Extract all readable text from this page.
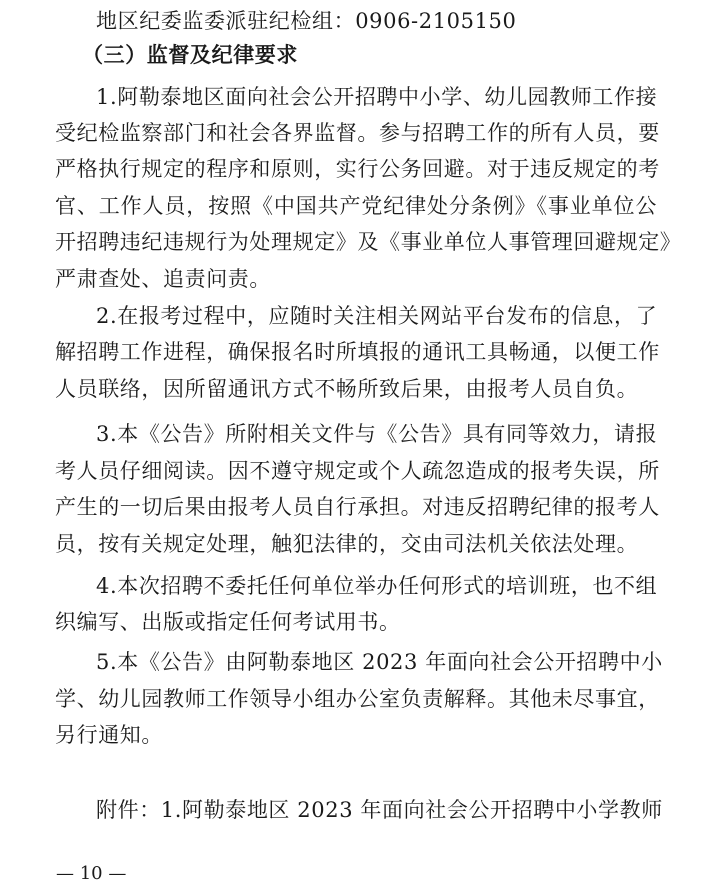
地区纪委监委派驻纪检组：0906-2105150
（三）监督及纪律要求
1.阿勒泰地区面向社会公开招聘中小学、幼儿园教师工作接
受纪检监察部门和社会各界监督。参与招聘工作的所有人员，要
严格执行规定的程序和原则，实行公务回避。对于违反规定的考
官、工作人员，按照《中国共产党纪律处分条例》《事业单位公
开招聘违纪违规行为处理规定》及《事业单位人事管理回避规定》
严肃查处、追责问责。
2.在报考过程中，应随时关注相关网站平台发布的信息，了
解招聘工作进程，确保报名时所填报的通讯工具畅通，以便工作
人员联络，因所留通讯方式不畅所致后果，由报考人员自负。
3.本《公告》所附相关文件与《公告》具有同等效力，请报
考人员仔细阅读。因不遵守规定或个人疏忽造成的报考失误，所
产生的一切后果由报考人员自行承担。对违反招聘纪律的报考人
员，按有关规定处理，触犯法律的，交由司法机关依法处理。
4.本次招聘不委托任何单位举办任何形式的培训班，也不组
织编写、出版或指定任何考试用书。
5.本《公告》由阿勒泰地区 2023 年面向社会公开招聘中小
学、幼儿园教师工作领导小组办公室负责解释。其他未尽事宜，
另行通知。
附件：1.阿勒泰地区 2023 年面向社会公开招聘中小学教师
— 10 —
